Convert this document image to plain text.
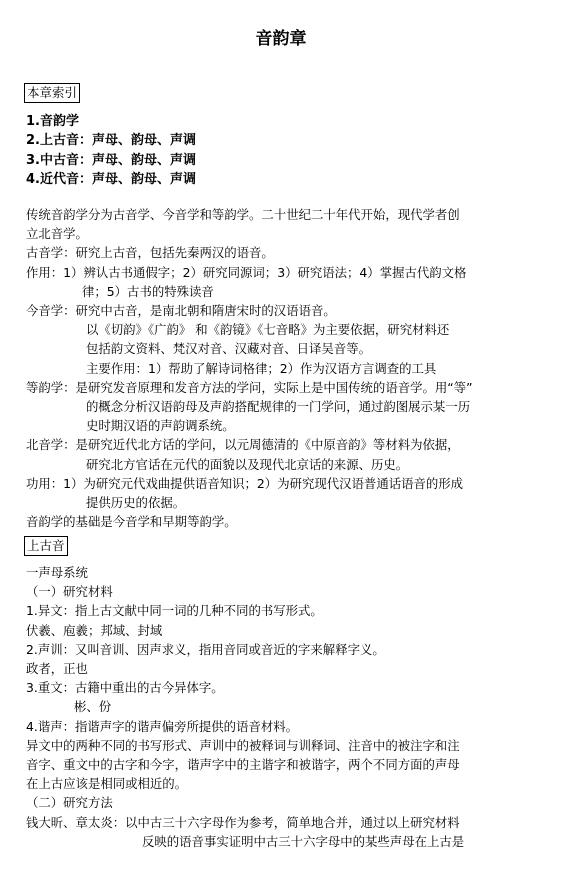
音韵章
本章索引
1.音韵学
2.上古音：声母、韵母、声调
3.中古音：声母、韵母、声调
4.近代音：声母、韵母、声调
传统音韵学分为古音学、今音学和等韵学。二十世纪二十年代开始，现代学者创
立北音学。
古音学：研究上古音，包括先秦两汉的语音。
作用：1）辨认古书通假字；2）研究同源词；3）研究语法；4）掌握古代韵文格
律；5）古书的特殊读音
今音学：研究中古音，是南北朝和隋唐宋时的汉语语音。
以《切韵》《广韵》 和《韵镜》《七音略》为主要依据，研究材料还
包括韵文资料、梵汉对音、汉藏对音、日译吴音等。
主要作用：1）帮助了解诗词格律；2）作为汉语方言调查的工具
等韵学：是研究发音原理和发音方法的学问，实际上是中国传统的语音学。用“等”
的概念分析汉语韵母及声韵搭配规律的一门学问，通过韵图展示某一历
史时期汉语的声韵调系统。
北音学：是研究近代北方话的学问，以元周德清的《中原音韵》等材料为依据，
研究北方官话在元代的面貌以及现代北京话的来源、历史。
功用：1）为研究元代戏曲提供语音知识；2）为研究现代汉语普通话语音的形成
提供历史的依据。
音韵学的基础是今音学和早期等韵学。
上古音
一声母系统
（一）研究材料
1.异文：指上古文献中同一词的几种不同的书写形式。
伏羲、庖羲；邦域、封域
2.声训：又叫音训、因声求义，指用音同或音近的字来解释字义。
政者，正也
3.重文：古籍中重出的古今异体字。
彬、份
4.谐声：指谐声字的谐声偏旁所提供的语音材料。
异文中的两种不同的书写形式、声训中的被释词与训释词、注音中的被注字和注
音字、重文中的古字和今字，谐声字中的主谐字和被谐字，两个不同方面的声母
在上古应该是相同或相近的。
（二）研究方法
钱大昕、章太炎：以中古三十六字母作为参考，简单地合并，通过以上研究材料
反映的语音事实证明中古三十六字母中的某些声母在上古是
